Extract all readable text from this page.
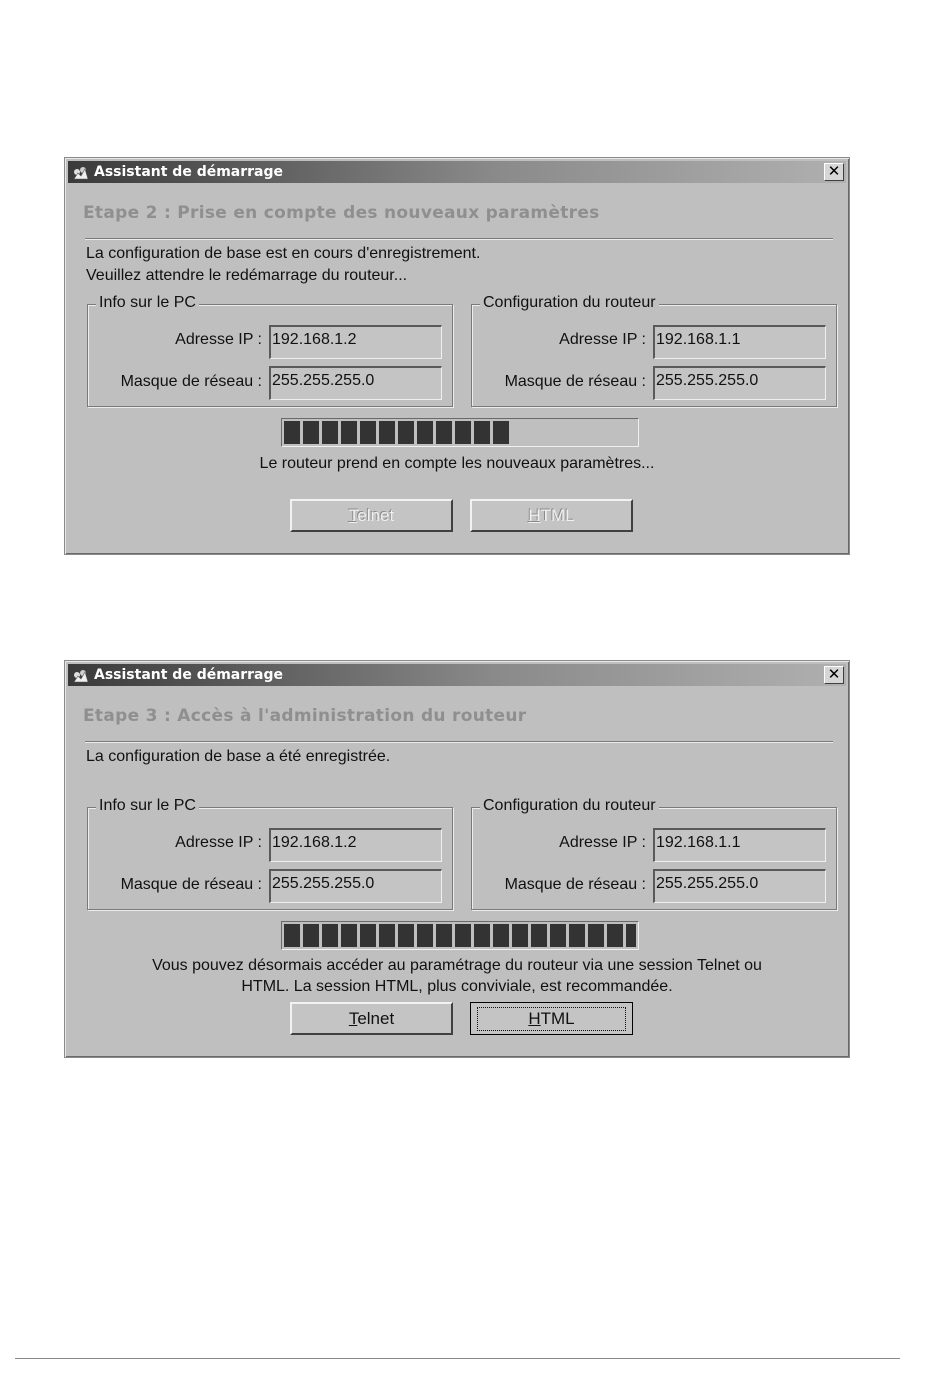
Assistant de démarrage	✕
Etape 2 : Prise en compte des nouveaux paramètres
La configuration de base est en cours d'enregistrement.
Veuillez attendre le redémarrage du routeur...
Info sur le PC
Adresse IP : 192.168.1.2
Masque de réseau : 255.255.255.0
Configuration du routeur
Adresse IP : 192.168.1.1
Masque de réseau : 255.255.255.0
Le routeur prend en compte les nouveaux paramètres...
Telnet	HTML
Assistant de démarrage	✕
Etape 3 : Accès à l'administration du routeur
La configuration de base a été enregistrée.
Info sur le PC
Adresse IP : 192.168.1.2
Masque de réseau : 255.255.255.0
Configuration du routeur
Adresse IP : 192.168.1.1
Masque de réseau : 255.255.255.0
Vous pouvez désormais accéder au paramétrage du routeur via une session Telnet ou
HTML. La session HTML, plus conviviale, est recommandée.
Telnet	HTML
